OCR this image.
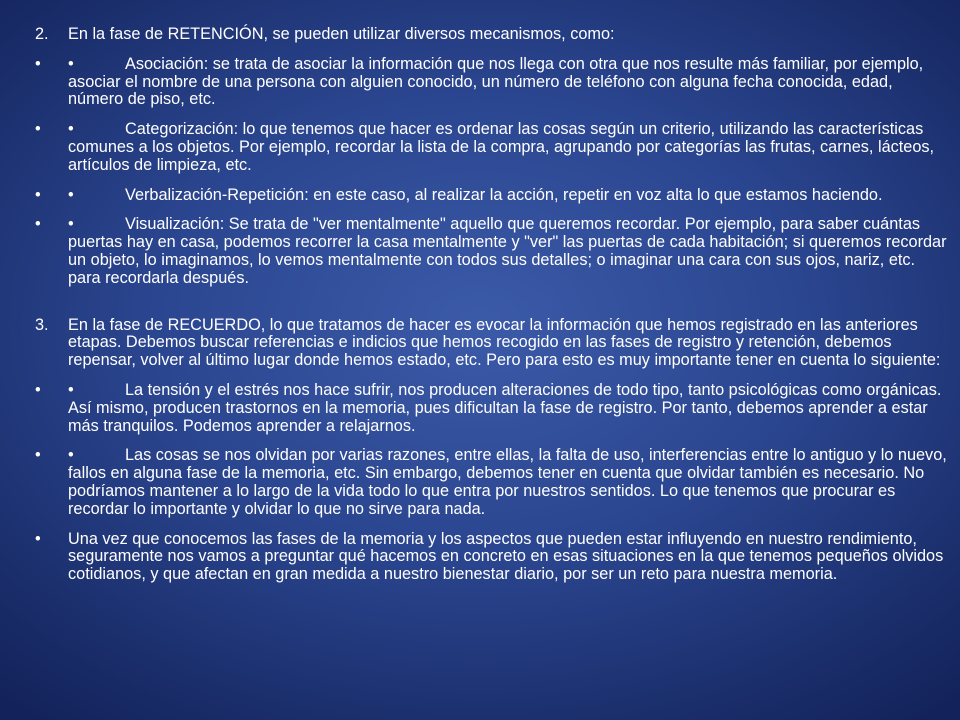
2.	En la fase de RETENCIÓN, se pueden utilizar diversos mecanismos, como:
•	•	Asociación: se trata de asociar la información que nos llega con otra que nos resulte más familiar, por ejemplo, asociar el nombre de una persona con alguien conocido, un número de teléfono con alguna fecha conocida, edad, número de piso, etc.
•	•	Categorización: lo que tenemos que hacer es ordenar las cosas según un criterio, utilizando las características comunes a los objetos. Por ejemplo, recordar la lista de la compra, agrupando por categorías las frutas, carnes, lácteos, artículos de limpieza, etc.
•	•	Verbalización-Repetición: en este caso, al realizar la acción, repetir en voz alta lo que estamos haciendo.
•	•	Visualización: Se trata de "ver mentalmente" aquello que queremos recordar. Por ejemplo, para saber cuántas puertas hay en casa, podemos recorrer la casa mentalmente y "ver" las puertas de cada habitación; si queremos recordar un objeto, lo imaginamos, lo vemos mentalmente con todos sus detalles; o imaginar una cara con sus ojos, nariz, etc. para recordarla después.
3.	En la fase de RECUERDO, lo que tratamos de hacer es evocar la información que hemos registrado en las anteriores etapas. Debemos buscar referencias e indicios que hemos recogido en las fases de registro y retención, debemos repensar, volver al último lugar donde hemos estado, etc. Pero para esto es muy importante tener en cuenta lo siguiente:
•	•	La tensión y el estrés nos hace sufrir, nos producen alteraciones de todo tipo, tanto psicológicas como orgánicas. Así mismo, producen trastornos en la memoria, pues dificultan la fase de registro. Por tanto, debemos aprender a estar más tranquilos. Podemos aprender a relajarnos.
•	•	Las cosas se nos olvidan por varias razones, entre ellas, la falta de uso, interferencias entre lo antiguo y lo nuevo, fallos en alguna fase de la memoria, etc. Sin embargo, debemos tener en cuenta que olvidar también es necesario. No podríamos mantener a lo largo de la vida todo lo que entra por nuestros sentidos. Lo que tenemos que procurar es recordar lo importante y olvidar lo que no sirve para nada.
•	Una vez que conocemos las fases de la memoria y los aspectos que pueden estar influyendo en nuestro rendimiento, seguramente nos vamos a preguntar qué hacemos en concreto en esas situaciones en la que tenemos pequeños olvidos cotidianos, y que afectan en gran medida a nuestro bienestar diario, por ser un reto para nuestra memoria.
